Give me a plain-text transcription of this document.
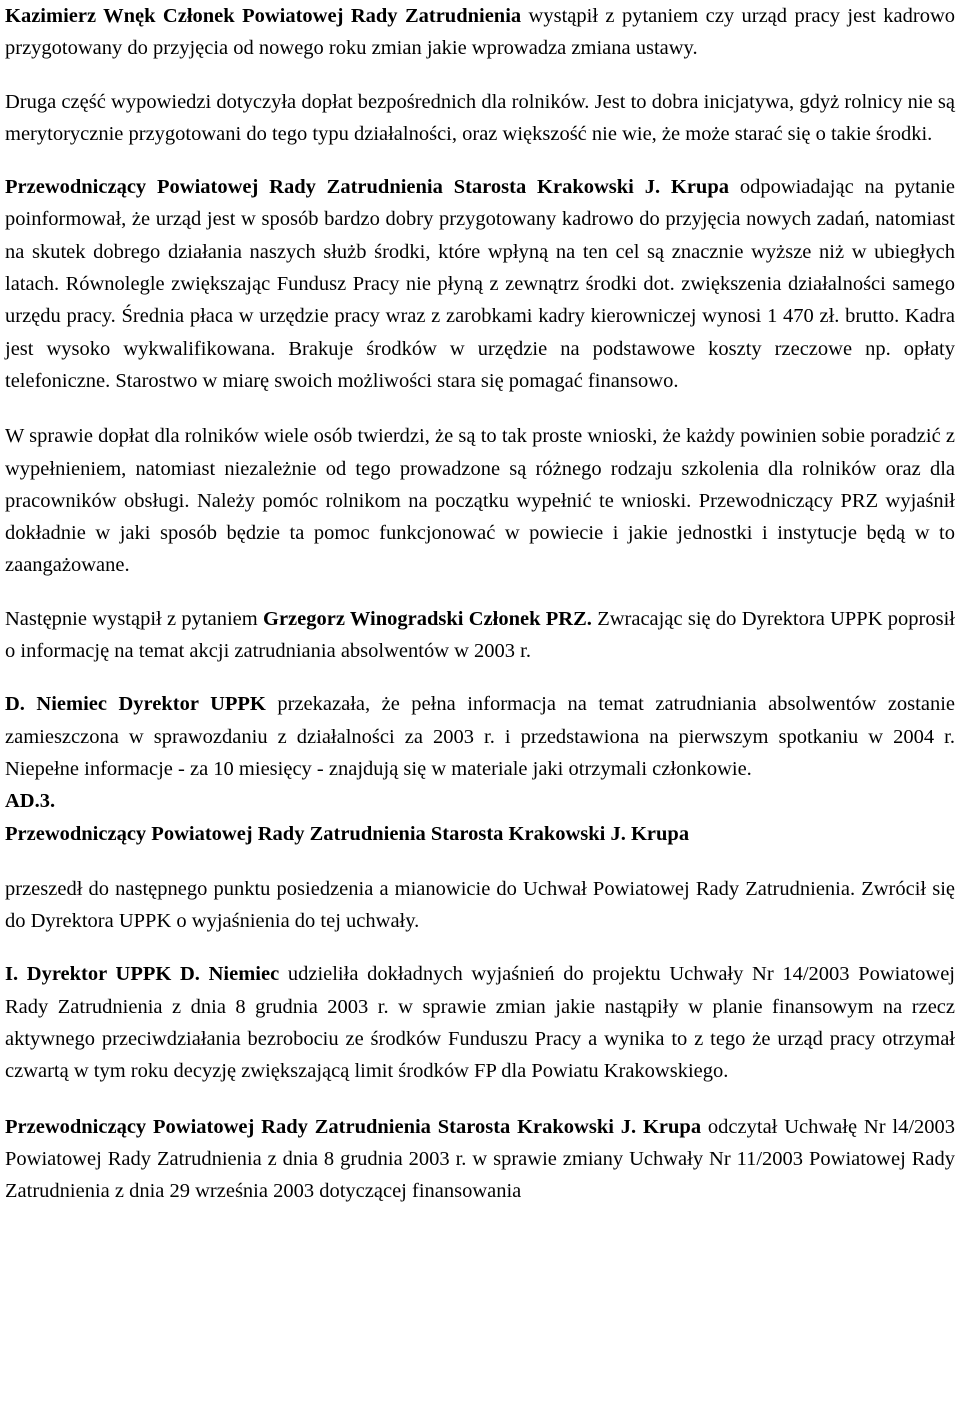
Kazimierz Wnęk Członek Powiatowej Rady Zatrudnienia wystąpił z pytaniem czy urząd pracy jest kadrowo przygotowany do przyjęcia od nowego roku zmian jakie wprowadza zmiana ustawy.

Druga część wypowiedzi dotyczyła dopłat bezpośrednich dla rolników. Jest to dobra inicjatywa, gdyż rolnicy nie są merytorycznie przygotowani do tego typu działalności, oraz większość nie wie, że może starać się o takie środki.

Przewodniczący Powiatowej Rady Zatrudnienia Starosta Krakowski J. Krupa odpowiadając na pytanie poinformował, że urząd jest w sposób bardzo dobry przygotowany kadrowo do przyjęcia nowych zadań, natomiast na skutek dobrego działania naszych służb środki, które wpłyną na ten cel są znacznie wyższe niż w ubiegłych latach. Równolegle zwiększając Fundusz Pracy nie płyną z zewnątrz środki dot. zwiększenia działalności samego urzędu pracy. Średnia płaca w urzędzie pracy wraz z zarobkami kadry kierowniczej wynosi 1 470 zł. brutto. Kadra jest wysoko wykwalifikowana. Brakuje środków w urzędzie na podstawowe koszty rzeczowe np. opłaty telefoniczne. Starostwo w miarę swoich możliwości stara się pomagać finansowo.

W sprawie dopłat dla rolników wiele osób twierdzi, że są to tak proste wnioski, że każdy powinien sobie poradzić z wypełnieniem, natomiast niezależnie od tego prowadzone są różnego rodzaju szkolenia dla rolników oraz dla pracowników obsługi. Należy pomóc rolnikom na początku wypełnić te wnioski. Przewodniczący PRZ wyjaśnił dokładnie w jaki sposób będzie ta pomoc funkcjonować w powiecie i jakie jednostki i instytucje będą w to zaangażowane.

Następnie wystąpił z pytaniem Grzegorz Winogradski Członek PRZ. Zwracając się do Dyrektora UPPK poprosił o informację na temat akcji zatrudniania absolwentów w 2003 r.

D. Niemiec Dyrektor UPPK przekazała, że pełna informacja na temat zatrudniania absolwentów zostanie zamieszczona w sprawozdaniu z działalności za 2003 r. i przedstawiona na pierwszym spotkaniu w 2004 r. Niepełne informacje - za 10 miesięcy - znajdują się w materiale jaki otrzymali członkowie.

AD.3.

Przewodniczący Powiatowej Rady Zatrudnienia Starosta Krakowski J. Krupa

przeszedł do następnego punktu posiedzenia a mianowicie do Uchwał Powiatowej Rady Zatrudnienia. Zwrócił się do Dyrektora UPPK o wyjaśnienia do tej uchwały.

I. Dyrektor UPPK D. Niemiec udzieliła dokładnych wyjaśnień do projektu Uchwały Nr 14/2003 Powiatowej Rady Zatrudnienia z dnia 8 grudnia 2003 r. w sprawie zmian jakie nastąpiły w planie finansowym na rzecz aktywnego przeciwdziałania bezrobociu ze środków Funduszu Pracy a wynika to z tego że urząd pracy otrzymał czwartą w tym roku decyzję zwiększającą limit środków FP dla Powiatu Krakowskiego.

Przewodniczący Powiatowej Rady Zatrudnienia Starosta Krakowski J. Krupa odczytał Uchwałę Nr l4/2003 Powiatowej Rady Zatrudnienia z dnia 8 grudnia 2003 r. w sprawie zmiany Uchwały Nr 11/2003 Powiatowej Rady Zatrudnienia z dnia 29 września 2003 dotyczącej finansowania
